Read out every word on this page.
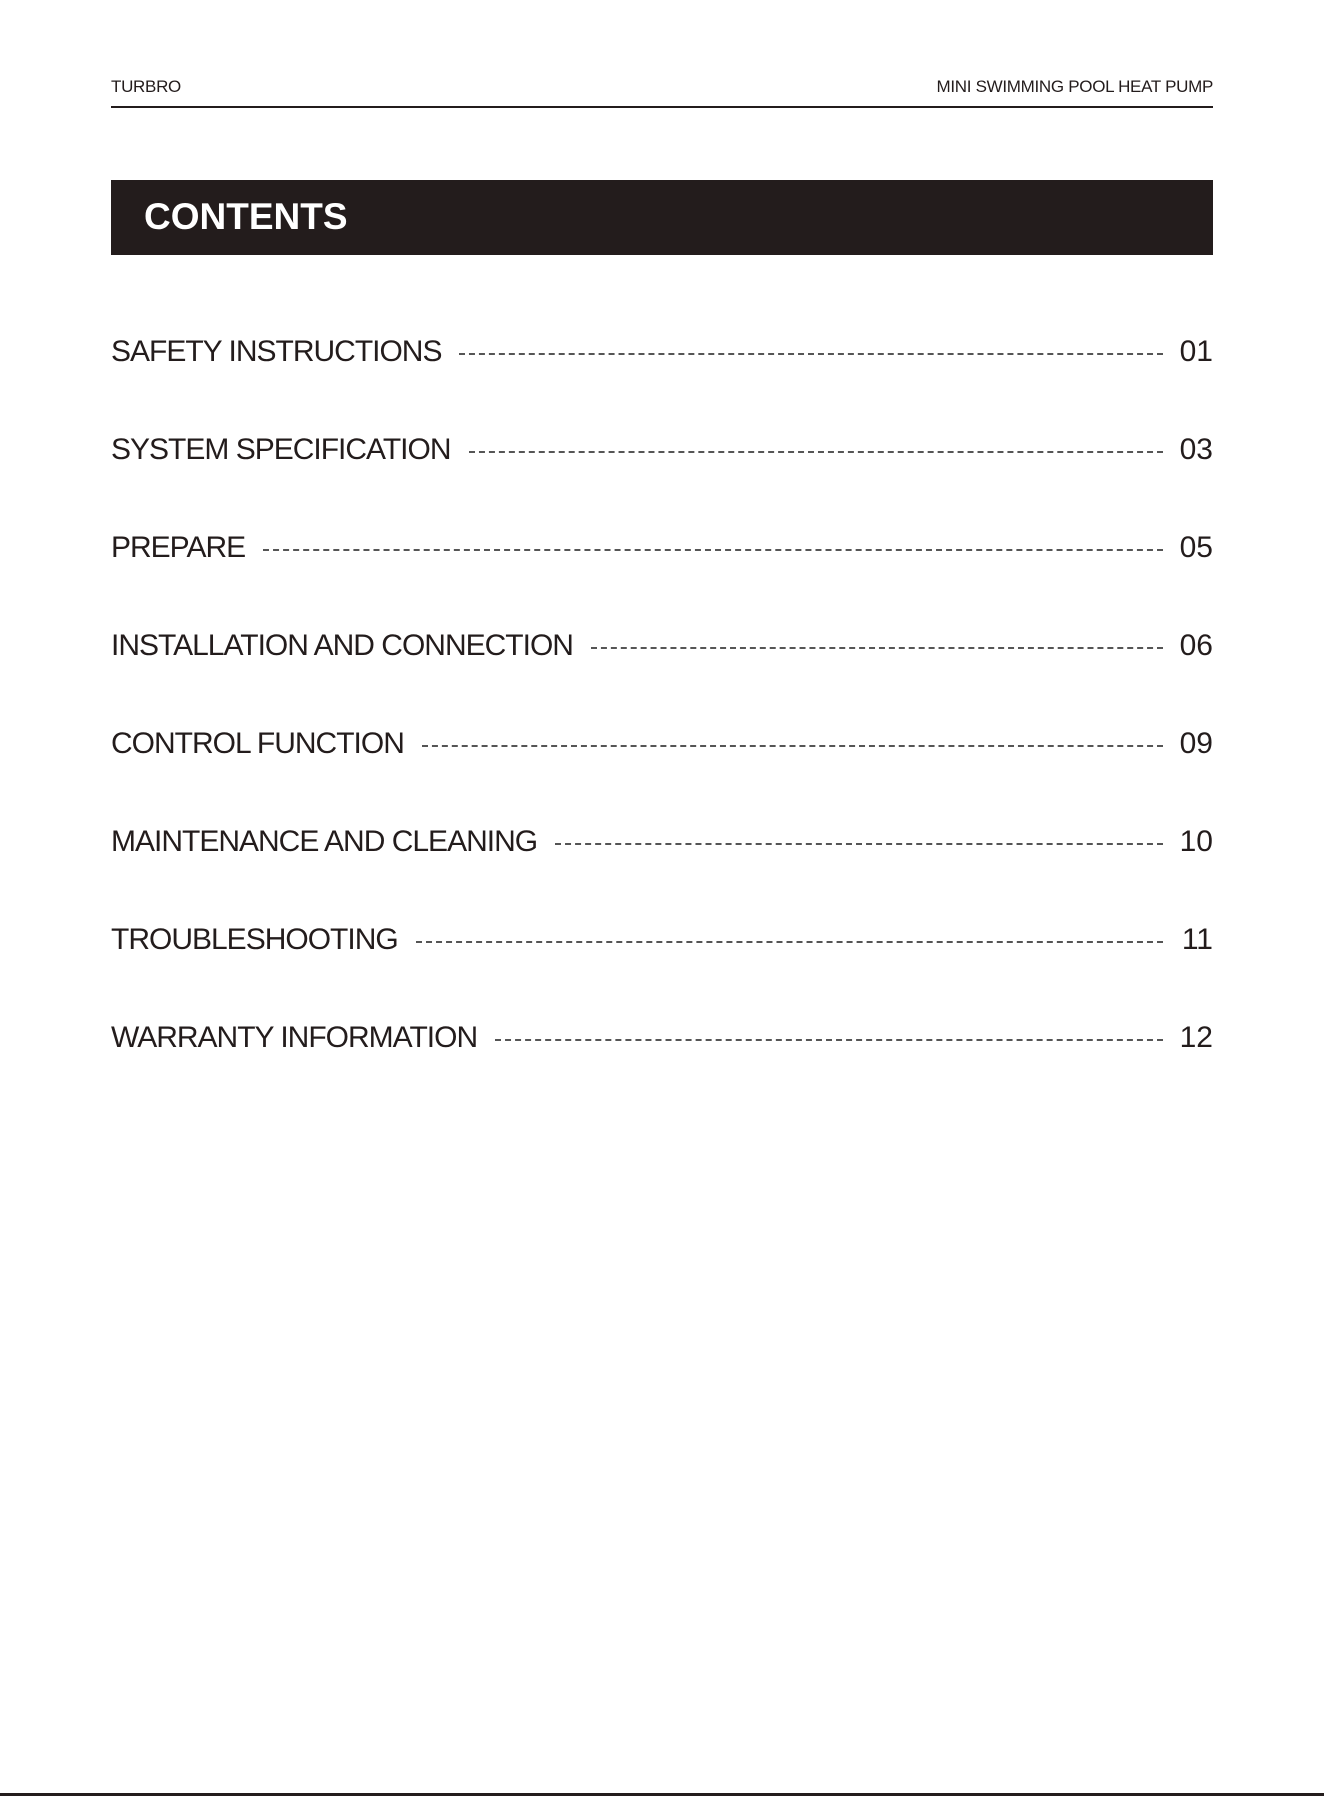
TURBRO	MINI SWIMMING POOL HEAT PUMP
CONTENTS
SAFETY INSTRUCTIONS	01
SYSTEM SPECIFICATION	03
PREPARE	05
INSTALLATION AND CONNECTION	06
CONTROL FUNCTION	09
MAINTENANCE AND CLEANING	10
TROUBLESHOOTING	11
WARRANTY INFORMATION	12
